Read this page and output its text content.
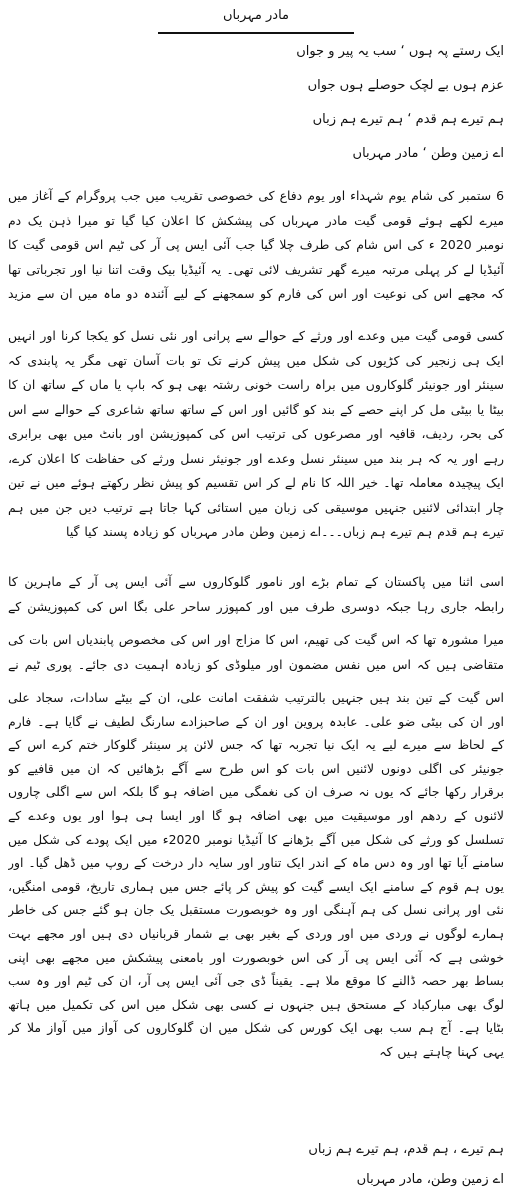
مادر مہرباں
ایک رستے پہ ہوں ‘ سب یہ پیر و جواں
عزم ہوں بے لچک حوصلے ہوں جواں
ہم تیرے ہم قدم ‘ ہم تیرے ہم زباں
اے زمین وطن ‘ مادر مہرباں
6 ستمبر کی شام یوم شہداء اور یوم دفاع کی خصوصی تقریب میں جب پروگرام کے آغاز میں میرے لکھے ہوئے قومی گیت مادر مہرباں کی پیشکش کا اعلان کیا گیا تو میرا ذہن یک دم نومبر 2020 ء کی اس شام کی طرف چلا گیا جب آئی ایس پی آر کی ٹیم اس قومی گیت کا آئیڈیا لے کر پہلی مرتبہ میرے گھر تشریف لائی تھی۔ یہ آئیڈیا بیک وقت اتنا نیا اور تجرباتی تھا کہ مجھے اس کی نوعیت اور اس کی فارم کو سمجھنے کے لیے آئندہ دو ماہ میں ان سے مزید
کسی قومی گیت میں وعدے اور ورثے کے حوالے سے پرانی اور نئی نسل کو یکجا کرنا اور انہیں ایک ہی زنجیر کی کڑیوں کی شکل میں پیش کرنے تک تو بات آسان تھی مگر یہ پابندی کہ سینئر اور جونیئر گلوکاروں میں براہ راست خونی رشتہ بھی ہو کہ باپ یا ماں کے ساتھ ان کا بیٹا یا بیٹی مل کر اپنے حصے کے بند کو گائیں اور اس کے ساتھ ساتھ شاعری کے حوالے سے اس کی بحر، ردیف، قافیہ اور مصرعوں کی ترتیب اس کی کمپوزیشن اور بانٹ میں بھی برابری رہے اور یہ کہ ہر بند میں سینئر نسل وعدے اور جونیئر نسل ورثے کی حفاظت کا اعلان کرے، ایک پیچیدہ معاملہ تھا۔ خیر اللہ کا نام لے کر اس تقسیم کو پیش نظر رکھتے ہوئے میں نے تین چار ابتدائی لائنیں جنہیں موسیقی کی زبان میں استائی کہا جاتا ہے ترتیب دیں جن میں ہم تیرے ہم قدم ہم تیرے ہم زباں۔۔۔اے زمین وطن مادر مہرباں کو زیادہ پسند کیا گیا
اسی اثنا میں پاکستان کے تمام بڑے اور نامور گلوکاروں سے آئی ایس پی آر کے ماہرین کا رابطہ جاری رہا جبکہ دوسری طرف میں اور کمپوزر ساحر علی بگا اس کی کمپوزیشن کے
میرا مشورہ تھا کہ اس گیت کی تھیم، اس کا مزاج اور اس کی مخصوص پابندیاں اس بات کی متقاضی ہیں کہ اس میں نفس مضمون اور میلوڈی کو زیادہ اہمیت دی جائے۔ پوری ٹیم نے
اس گیت کے تین بند ہیں جنہیں بالترتیب شفقت امانت علی، ان کے بیٹے سادات، سجاد علی اور ان کی بیٹی ضو علی۔ عابدہ پروین اور ان کے صاحبزادے سارنگ لطیف نے گایا ہے۔ فارم کے لحاظ سے میرے لیے یہ ایک نیا تجربہ تھا کہ جس لائن پر سینئر گلوکار ختم کرے اس کے جونیئر کی اگلی دونوں لائنیں اس بات کو اس طرح سے آگے بڑھائیں کہ ان میں قافیے کو برقرار رکھا جائے کہ یوں نہ صرف ان کی نغمگی میں اضافہ ہو گا بلکہ اس سے اگلی چاروں لائنوں کے ردھم اور موسیقیت میں بھی اضافہ ہو گا اور ایسا ہی ہوا اور یوں وعدے کے تسلسل کو ورثے کی شکل میں آگے بڑھانے کا آئیڈیا نومبر 2020ء میں ایک پودے کی شکل میں سامنے آیا تھا اور وہ دس ماہ کے اندر ایک تناور اور سایہ دار درخت کے روپ میں ڈھل گیا۔ اور یوں ہم قوم کے سامنے ایک ایسے گیت کو پیش کر پائے جس میں ہماری تاریخ، قومی امنگیں، نئی اور پرانی نسل کی ہم آہنگی اور وہ خوبصورت مستقبل یک جان ہو گئے جس کی خاطر ہمارے لوگوں نے وردی میں اور وردی کے بغیر بھی بے شمار قربانیاں دی ہیں اور مجھے بہت خوشی ہے کہ آئی ایس پی آر کی اس خوبصورت اور بامعنی پیشکش میں مجھے بھی اپنی بساط بھر حصہ ڈالنے کا موقع ملا ہے۔ یقیناً ڈی جی آئی ایس پی آر، ان کی ٹیم اور وہ سب لوگ بھی مبارکباد کے مستحق ہیں جنہوں نے کسی بھی شکل میں اس کی تکمیل میں ہاتھ بٹایا ہے۔ آج ہم سب بھی ایک کورس کی شکل میں ان گلوکاروں کی آواز میں آواز ملا کر یہی کہنا چاہتے ہیں کہ
ہم تیرے ، ہم قدم، ہم تیرے ہم زباں
اے زمین وطن، مادر مہرباں
